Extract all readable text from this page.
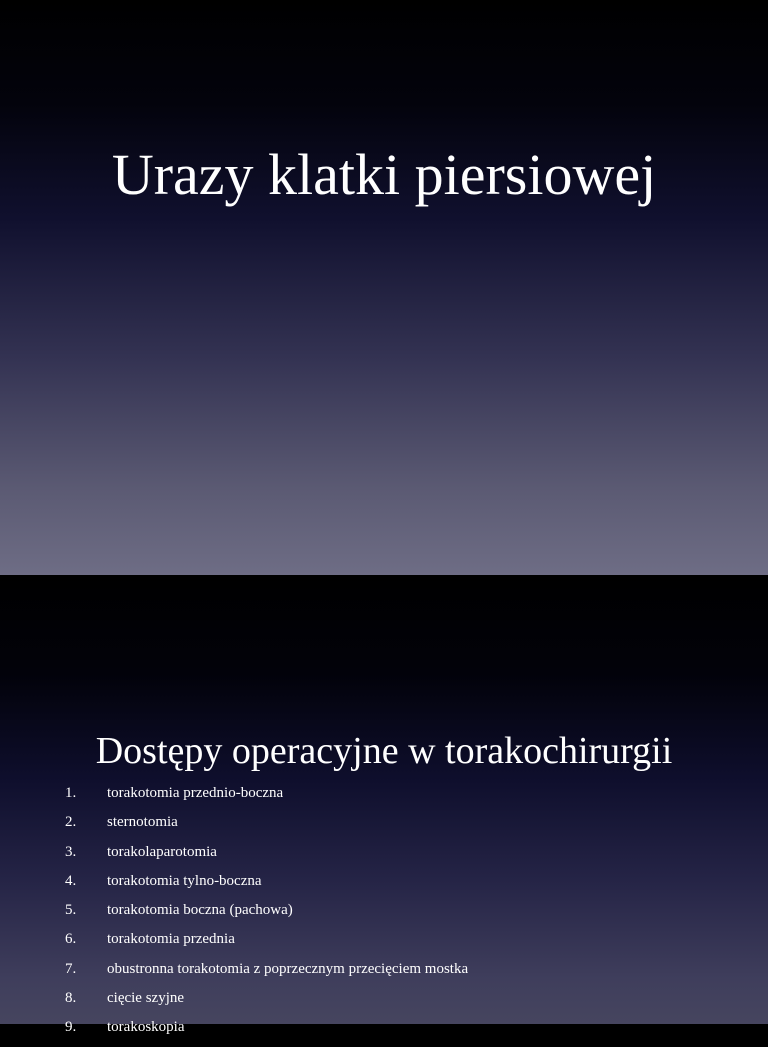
Urazy klatki piersiowej
Dostępy operacyjne w torakochirurgii
1. torakotomia przednio-boczna
2. sternotomia
3. torakolaparotomia
4. torakotomia tylno-boczna
5. torakotomia boczna (pachowa)
6. torakotomia przednia
7. obustronna torakotomia z poprzecznym przecięciem mostka
8. cięcie szyjne
9. torakoskopia
